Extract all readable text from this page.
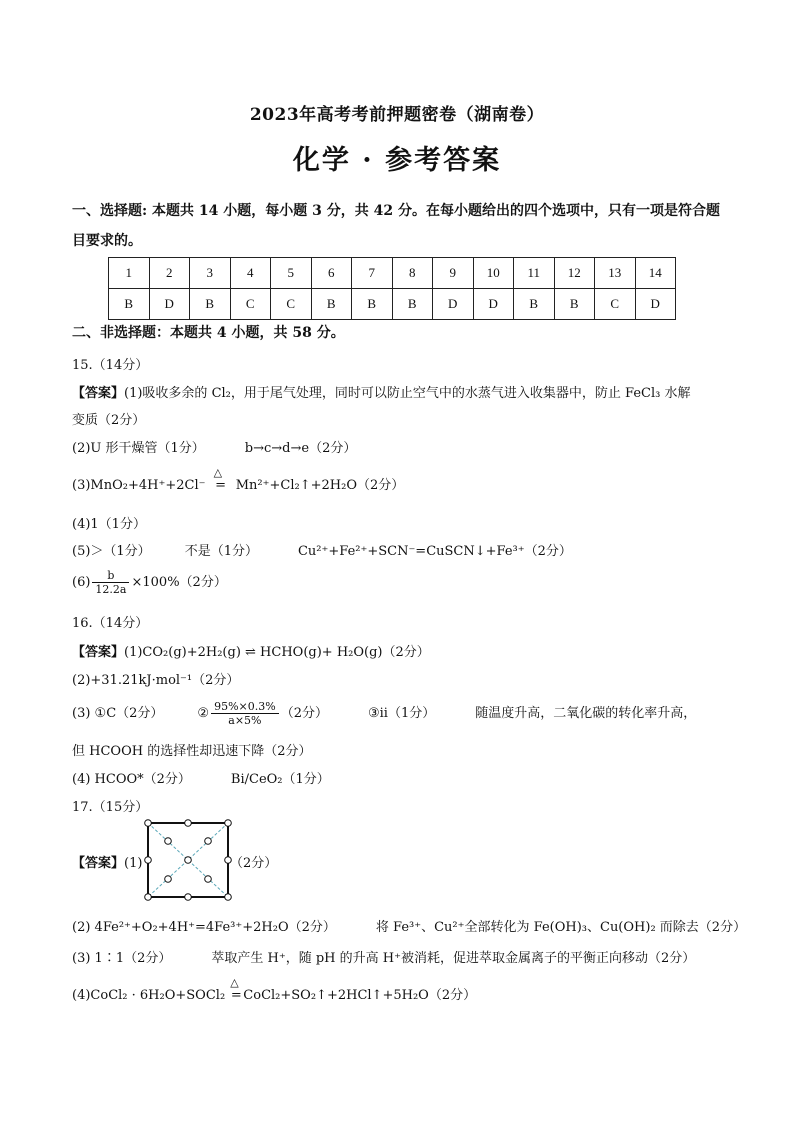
2023年高考考前押题密卷（湖南卷）
化学 · 参考答案
一、选择题: 本题共 14 小题，每小题 3 分，共 42 分。在每小题给出的四个选项中，只有一项是符合题目要求的。
1	2	3	4	5	6	7	8	9	10	11	12	13	14
B	D	B	C	C	B	B	B	D	D	B	B	C	D
二、非选择题：本题共 4 小题，共 58 分。
15.（14分）
【答案】(1)吸收多余的 Cl₂，用于尾气处理，同时可以防止空气中的水蒸气进入收集器中，防止 FeCl₃ 水解
变质（2分）
(2)U 形干燥管（1分）	b→c→d→e（2分）
(3)MnO₂+4H⁺+2Cl⁻
△
= Mn²⁺+Cl₂↑+2H₂O（2分）
(4)1（1分）
(5)＞（1分）	不是（1分）	Cu²⁺+Fe²⁺+SCN⁻=CuSCN↓+Fe³⁺（2分）
$(6) \frac{b}{12.2a} \times 100\%(2$分）
16.（14分）
【答案】(1)CO₂(g)+2H₂(g) ⇌ HCHO(g)+ H₂O(g)（2分）
(2)+31.21kJ·mol⁻¹（2分）
(3) ①C（2分）	② $\frac{95\%\times 0.3\%}{a\times 5\%} (2$分）	③ii（1分）	随温度升高，二氧化碳的转化率升高，
但 HCOOH 的选择性却迅速下降（2分）
(4) HCOO*（2分）	Bi/CeO₂（1分）
17.（15分）
【答案】(1)	（2分）
(2) 4Fe²⁺+O₂+4H⁺=4Fe³⁺+2H₂O（2分）	将 Fe³⁺、Cu²⁺全部转化为 Fe(OH)₃、Cu(OH)₂ 而除去（2分）
(3) 1∶1（2分）	萃取产生 H⁺，随 pH 的升高 H⁺被消耗，促进萃取金属离子的平衡正向移动（2分）
(4)CoCl₂ · 6H₂O+SOCl₂
△
= CoCl₂+SO₂↑+2HCl↑+5H₂O（2分）
